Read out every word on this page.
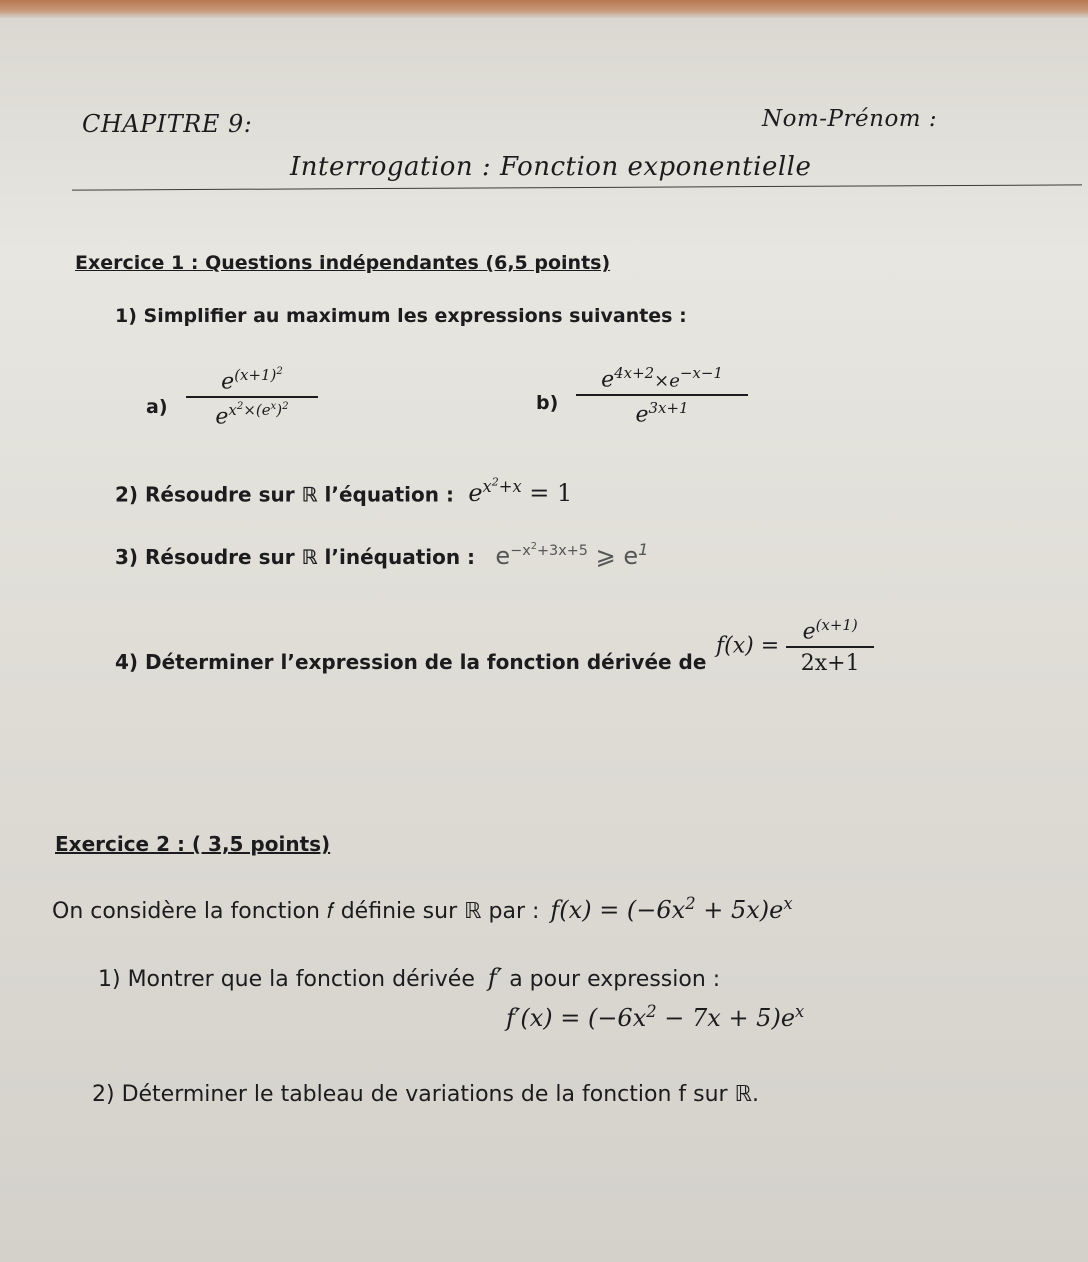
CHAPITRE 9:	Nom-Prénom :
Interrogation : Fonction exponentielle
Exercice 1 : Questions indépendantes (6,5 points)
1) Simplifier au maximum les expressions suivantes :
$a) \frac{e^{(x+1)^2}}{e^{x^2\times(e^x)^2}}$	$b) \frac{e^{4x+2}\times e^{-x-1}}{e^{3x+1}}$
2) Résoudre sur ℝ l’équation : $e^{x^2+x} = 1$
3) Résoudre sur ℝ l’inéquation : $e^{-x^2+3x+5}$ ⩾ $e^1$
4) Déterminer l’expression de la fonction dérivée de
$f(x) = \frac{e^{(x+1)}}{2x+1}$
Exercice 2 : ( 3,5 points)
On considère la fonction 𝑓 définie sur ℝ par : $f(x) = (-6x^2 + 5x)e^x$
1) Montrer que la fonction dérivée f′ a pour expression :
$f'(x) = (-6x^2 - 7x + 5)e^x$
2) Déterminer le tableau de variations de la fonction f sur ℝ.
